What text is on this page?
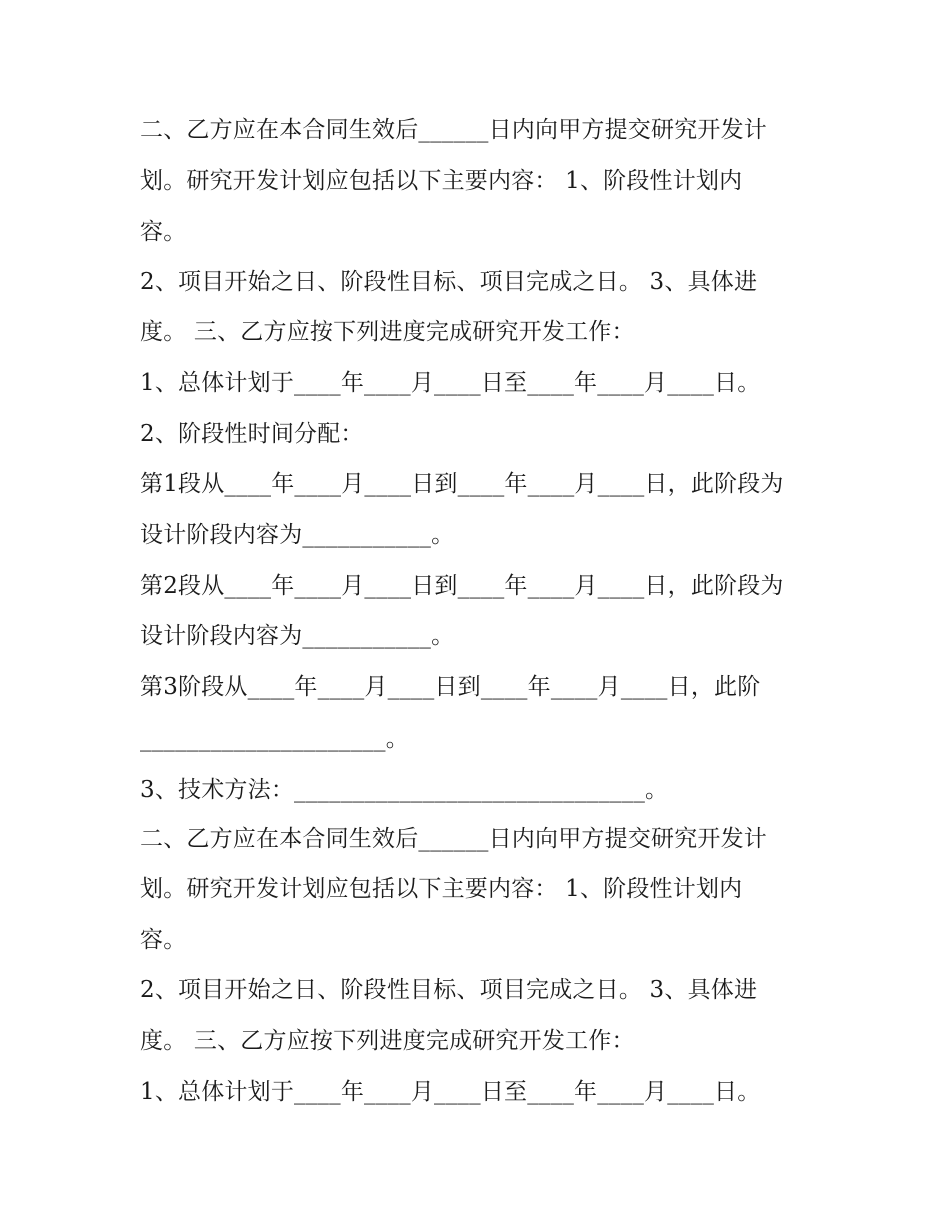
二、乙方应在本合同生效后______日内向甲方提交研究开发计

划。研究开发计划应包括以下主要内容： 1、阶段性计划内

容。

2、项目开始之日、阶段性目标、项目完成之日。 3、具体进

度。 三、乙方应按下列进度完成研究开发工作：

1、总体计划于____年____月____日至____年____月____日。

2、阶段性时间分配：

第1段从____年____月____日到____年____月____日，此阶段为

设计阶段内容为___________。

第2段从____年____月____日到____年____月____日，此阶段为

设计阶段内容为___________。

第3阶段从____年____月____日到____年____月____日，此阶

_____________________。

3、技术方法：______________________________。

二、乙方应在本合同生效后______日内向甲方提交研究开发计

划。研究开发计划应包括以下主要内容： 1、阶段性计划内

容。

2、项目开始之日、阶段性目标、项目完成之日。 3、具体进

度。 三、乙方应按下列进度完成研究开发工作：

1、总体计划于____年____月____日至____年____月____日。
